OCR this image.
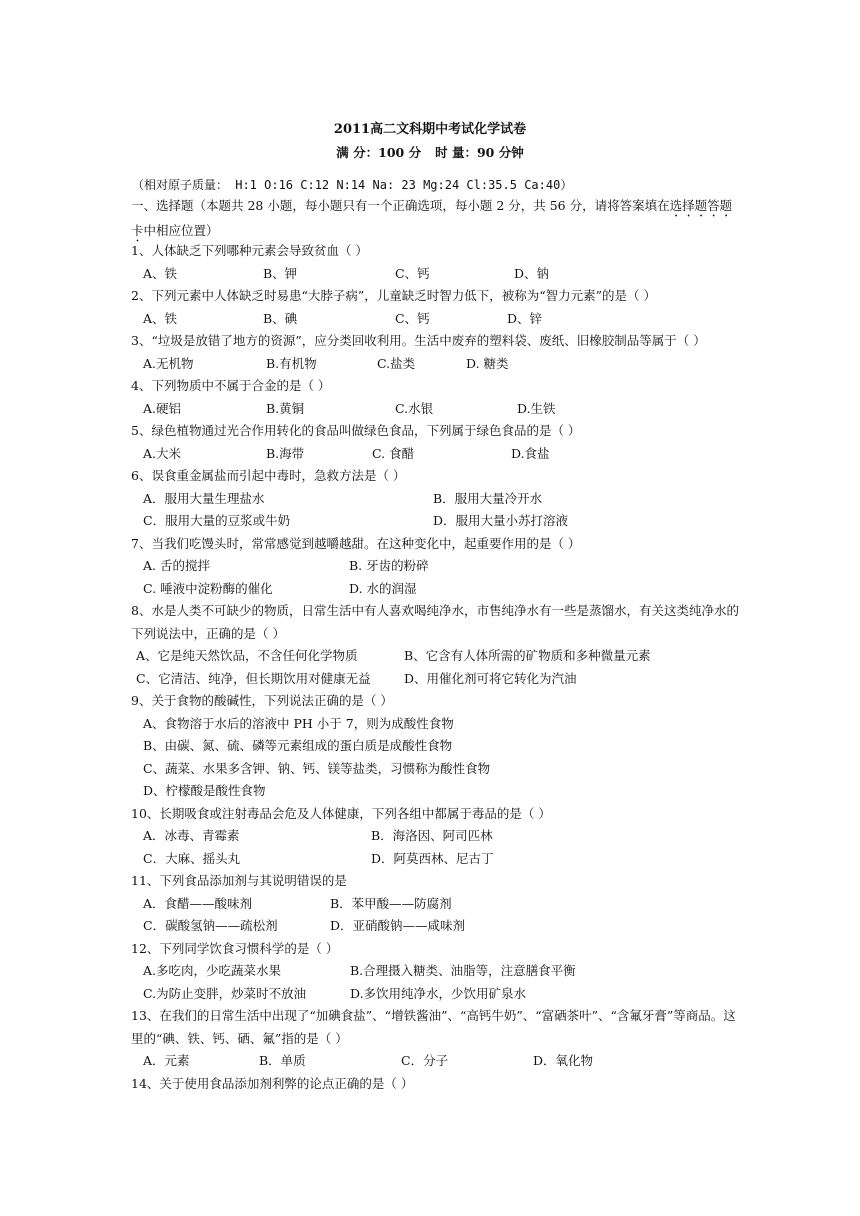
2011高二文科期中考试化学试卷
满 分：100 分 时 量：90 分钟
（相对原子质量： H:1 O:16 C:12 N:14 Na: 23 Mg:24 Cl:35.5 Ca:40）
一、选择题（本题共 28 小题，每小题只有一个正确选项，每小题 2 分，共 56 分，请将答案填在选择题答题卡中相应位置）
1、人体缺乏下列哪种元素会导致贫血（ ）
A、铁	B、钾	C、钙	D、钠
2、下列元素中人体缺乏时易患“大脖子病”，儿童缺乏时智力低下，被称为“智力元素”的是（ ）
A、铁	B、碘	C、钙	D、锌
3、“垃圾是放错了地方的资源”，应分类回收利用。生活中废弃的塑料袋、废纸、旧橡胶制品等属于（ ）
A.无机物	B.有机物	C.盐类	D. 糖类
4、下列物质中不属于合金的是（ ）
A.硬铝	B.黄铜	C.水银	D.生铁
5、绿色植物通过光合作用转化的食品叫做绿色食品，下列属于绿色食品的是（ ）
A.大米	B.海带	C. 食醋	D.食盐
6、误食重金属盐而引起中毒时，急救方法是（ ）
A．服用大量生理盐水	B．服用大量冷开水
C．服用大量的豆浆或牛奶	D．服用大量小苏打溶液
7、当我们吃馒头时，常常感觉到越嚼越甜。在这种变化中，起重要作用的是（ ）
A. 舌的搅拌	B. 牙齿的粉碎
C. 唾液中淀粉酶的催化	D. 水的润湿
8、水是人类不可缺少的物质，日常生活中有人喜欢喝纯净水，市售纯净水有一些是蒸馏水，有关这类纯净水的下列说法中，正确的是（ ）
A、它是纯天然饮品，不含任何化学物质	B、它含有人体所需的矿物质和多种微量元素
C、它清洁、纯净，但长期饮用对健康无益	D、用催化剂可将它转化为汽油
9、关于食物的酸碱性，下列说法正确的是（ ）
A、食物溶于水后的溶液中 PH 小于 7，则为成酸性食物
B、由碳、氮、硫、磷等元素组成的蛋白质是成酸性食物
C、蔬菜、水果多含钾、钠、钙、镁等盐类，习惯称为酸性食物
D、柠檬酸是酸性食物
10、长期吸食或注射毒品会危及人体健康，下列各组中都属于毒品的是（ ）
A．冰毒、青霉素	B．海洛因、阿司匹林
C．大麻、摇头丸	D．阿莫西林、尼古丁
11、下列食品添加剂与其说明错误的是
A．食醋——酸味剂	B．苯甲酸——防腐剂
C．碳酸氢钠——疏松剂	D．亚硝酸钠——咸味剂
12、下列同学饮食习惯科学的是（ ）
A.多吃肉，少吃蔬菜水果	B.合理摄入糖类、油脂等，注意膳食平衡
C.为防止变胖，炒菜时不放油	D.多饮用纯净水，少饮用矿泉水
13、在我们的日常生活中出现了“加碘食盐”、“增铁酱油”、“高钙牛奶”、“富硒茶叶”、“含氟牙膏”等商品。这里的“碘、铁、钙、硒、氟”指的是（ ）
A．元素	B．单质	C．分子	D．氧化物
14、关于使用食品添加剂利弊的论点正确的是（ ）
